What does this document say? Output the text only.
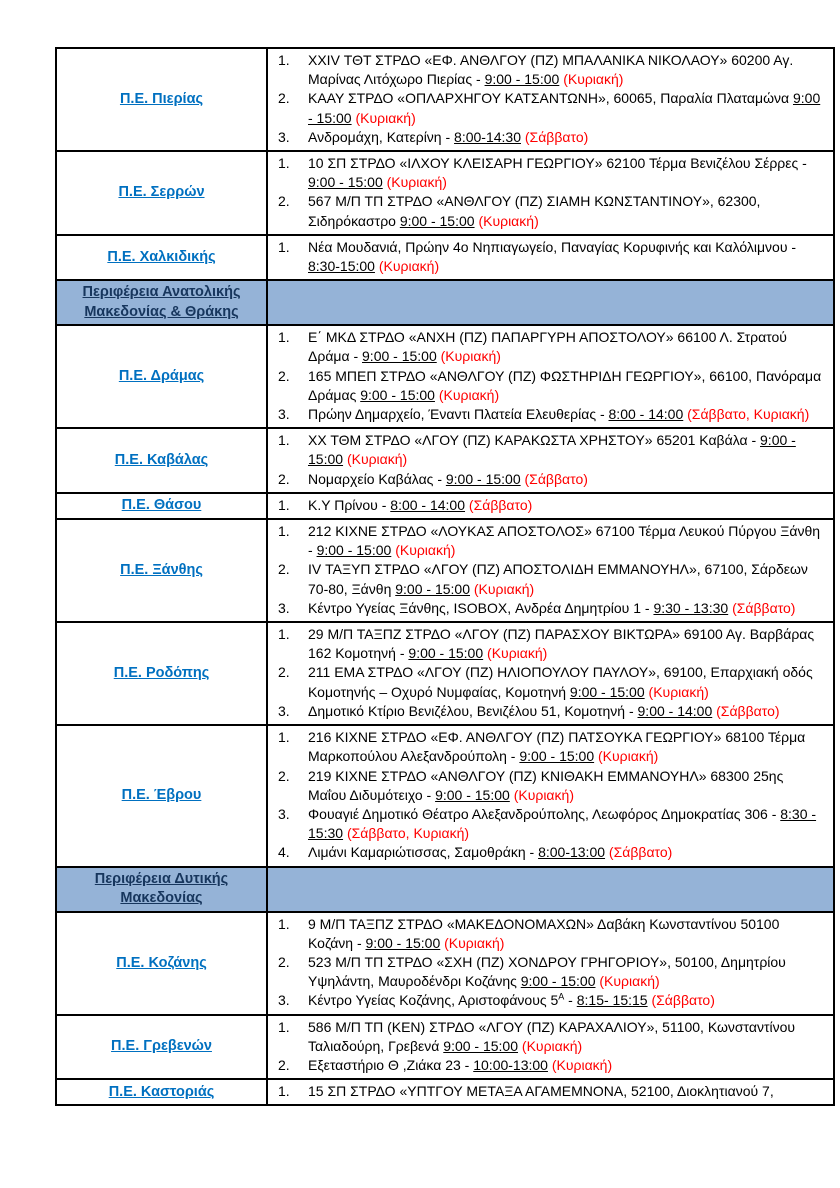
Π.Ε. Πιερίας
1.	XXIV ΤΘΤ ΣΤΡΔΟ «ΕΦ. ΑΝΘΛΓΟΥ (ΠΖ) ΜΠΑΛΑΝΙΚΑ ΝΙΚΟΛΑΟΥ» 60200 Αγ. Μαρίνας Λιτόχωρο Πιερίας - 9:00 - 15:00 (Κυριακή)
2.	ΚΑΑΥ ΣΤΡΔΟ «ΟΠΛΑΡΧΗΓΟΥ ΚΑΤΣΑΝΤΩΝΗ», 60065, Παραλία Πλαταμώνα 9:00 - 15:00 (Κυριακή)
3.	Ανδρομάχη, Κατερίνη - 8:00-14:30 (Σάββατο)
Π.Ε. Σερρών
1.	10 ΣΠ ΣΤΡΔΟ «ΙΛΧΟΥ ΚΛΕΙΣΑΡΗ ΓΕΩΡΓΙΟΥ» 62100 Τέρμα Βενιζέλου Σέρρες - 9:00 - 15:00 (Κυριακή)
2.	567 Μ/Π ΤΠ ΣΤΡΔΟ «ΑΝΘΛΓΟΥ (ΠΖ) ΣΙΑΜΗ ΚΩΝΣΤΑΝΤΙΝΟΥ», 62300, Σιδηρόκαστρο 9:00 - 15:00 (Κυριακή)
Π.Ε. Χαλκιδικής
1.	Νέα Μουδανιά, Πρώην 4ο Νηπιαγωγείο, Παναγίας Κορυφινής και Καλόλιμνου - 8:30-15:00 (Κυριακή)
Περιφέρεια Ανατολικής Μακεδονίας & Θράκης
Π.Ε. Δράμας
1.	Ε΄ ΜΚΔ ΣΤΡΔΟ «ΑΝΧΗ (ΠΖ) ΠΑΠΑΡΓΥΡΗ ΑΠΟΣΤΟΛΟΥ» 66100 Λ. Στρατού Δράμα - 9:00 - 15:00 (Κυριακή)
2.	165 ΜΠΕΠ ΣΤΡΔΟ «ΑΝΘΛΓΟΥ (ΠΖ) ΦΩΣΤΗΡΙΔΗ ΓΕΩΡΓΙΟΥ», 66100, Πανόραμα Δράμας 9:00 - 15:00 (Κυριακή)
3.	Πρώην Δημαρχείο, Έναντι Πλατεία Ελευθερίας - 8:00 - 14:00 (Σάββατο, Κυριακή)
Π.Ε. Καβάλας
1.	ΧΧ ΤΘΜ ΣΤΡΔΟ «ΛΓΟΥ (ΠΖ) ΚΑΡΑΚΩΣΤΑ ΧΡΗΣΤΟΥ» 65201 Καβάλα - 9:00 - 15:00 (Κυριακή)
2.	Νομαρχείο Καβάλας - 9:00 - 15:00 (Σάββατο)
Π.Ε. Θάσου	1.	Κ.Υ Πρίνου - 8:00 - 14:00 (Σάββατο)
Π.Ε. Ξάνθης
1.	212 ΚΙΧΝΕ ΣΤΡΔΟ «ΛΟΥΚΑΣ ΑΠΟΣΤΟΛΟΣ» 67100 Τέρμα Λευκού Πύργου Ξάνθη - 9:00 - 15:00 (Κυριακή)
2.	IV ΤΑΞΥΠ ΣΤΡΔΟ «ΛΓΟΥ (ΠΖ) ΑΠΟΣΤΟΛΙΔΗ ΕΜΜΑΝΟΥΗΛ», 67100, Σάρδεων 70-80, Ξάνθη 9:00 - 15:00 (Κυριακή)
3.	Κέντρο Υγείας Ξάνθης, ISOBOX, Ανδρέα Δημητρίου 1 - 9:30 - 13:30 (Σάββατο)
Π.Ε. Ροδόπης
1.	29 Μ/Π ΤΑΞΠΖ ΣΤΡΔΟ «ΛΓΟΥ (ΠΖ) ΠΑΡΑΣΧΟΥ ΒΙΚΤΩΡΑ» 69100 Αγ. Βαρβάρας 162 Κομοτηνή - 9:00 - 15:00 (Κυριακή)
2.	211 ΕΜΑ ΣΤΡΔΟ «ΛΓΟΥ (ΠΖ) ΗΛΙΟΠΟΥΛΟΥ ΠΑΥΛΟΥ», 69100, Επαρχιακή οδός Κομοτηνής – Οχυρό Νυμφαίας, Κομοτηνή 9:00 - 15:00 (Κυριακή)
3.	Δημοτικό Κτίριο Βενιζέλου, Βενιζέλου 51, Κομοτηνή - 9:00 - 14:00 (Σάββατο)
Π.Ε. Έβρου
1.	216 ΚΙΧΝΕ ΣΤΡΔΟ «ΕΦ. ΑΝΘΛΓΟΥ (ΠΖ) ΠΑΤΣΟΥΚΑ ΓΕΩΡΓΙΟΥ» 68100 Τέρμα Μαρκοπούλου Αλεξανδρούπολη - 9:00 - 15:00 (Κυριακή)
2.	219 ΚΙΧΝΕ ΣΤΡΔΟ «ΑΝΘΛΓΟΥ (ΠΖ) ΚΝΙΘΑΚΗ ΕΜΜΑΝΟΥΗΛ» 68300 25ης Μαΐου Διδυμότειχο - 9:00 - 15:00 (Κυριακή)
3.	Φουαγιέ Δημοτικό Θέατρο Αλεξανδρούπολης, Λεωφόρος Δημοκρατίας 306 - 8:30 - 15:30 (Σάββατο, Κυριακή)
4.	Λιμάνι Καμαριώτισσας, Σαμοθράκη - 8:00-13:00 (Σάββατο)
Περιφέρεια Δυτικής Μακεδονίας
Π.Ε. Κοζάνης
1.	9 Μ/Π ΤΑΞΠΖ ΣΤΡΔΟ «ΜΑΚΕΔΟΝΟΜΑΧΩΝ» Δαβάκη Κωνσταντίνου 50100 Κοζάνη - 9:00 - 15:00 (Κυριακή)
2.	523 Μ/Π ΤΠ ΣΤΡΔΟ «ΣΧΗ (ΠΖ) ΧΟΝΔΡΟΥ ΓΡΗΓΟΡΙΟΥ», 50100, Δημητρίου Υψηλάντη, Μαυροδένδρι Κοζάνης 9:00 - 15:00 (Κυριακή)
3.	Κέντρο Υγείας Κοζάνης, Αριστοφάνους $5^A$ - 8:15- 15:15 (Σάββατο)
Π.Ε. Γρεβενών
1.	586 Μ/Π ΤΠ (ΚΕΝ) ΣΤΡΔΟ «ΛΓΟΥ (ΠΖ) ΚΑΡΑΧΑΛΙΟΥ», 51100, Κωνσταντίνου Ταλιαδούρη, Γρεβενά 9:00 - 15:00 (Κυριακή)
2.	Εξεταστήριο Θ ,Ζιάκα 23 - 10:00-13:00 (Κυριακή)
Π.Ε. Καστοριάς	1.	15 ΣΠ ΣΤΡΔΟ «ΥΠΤΓΟΥ ΜΕΤΑΞΑ ΑΓΑΜΕΜΝΟΝΑ, 52100, Διοκλητιανού 7,
